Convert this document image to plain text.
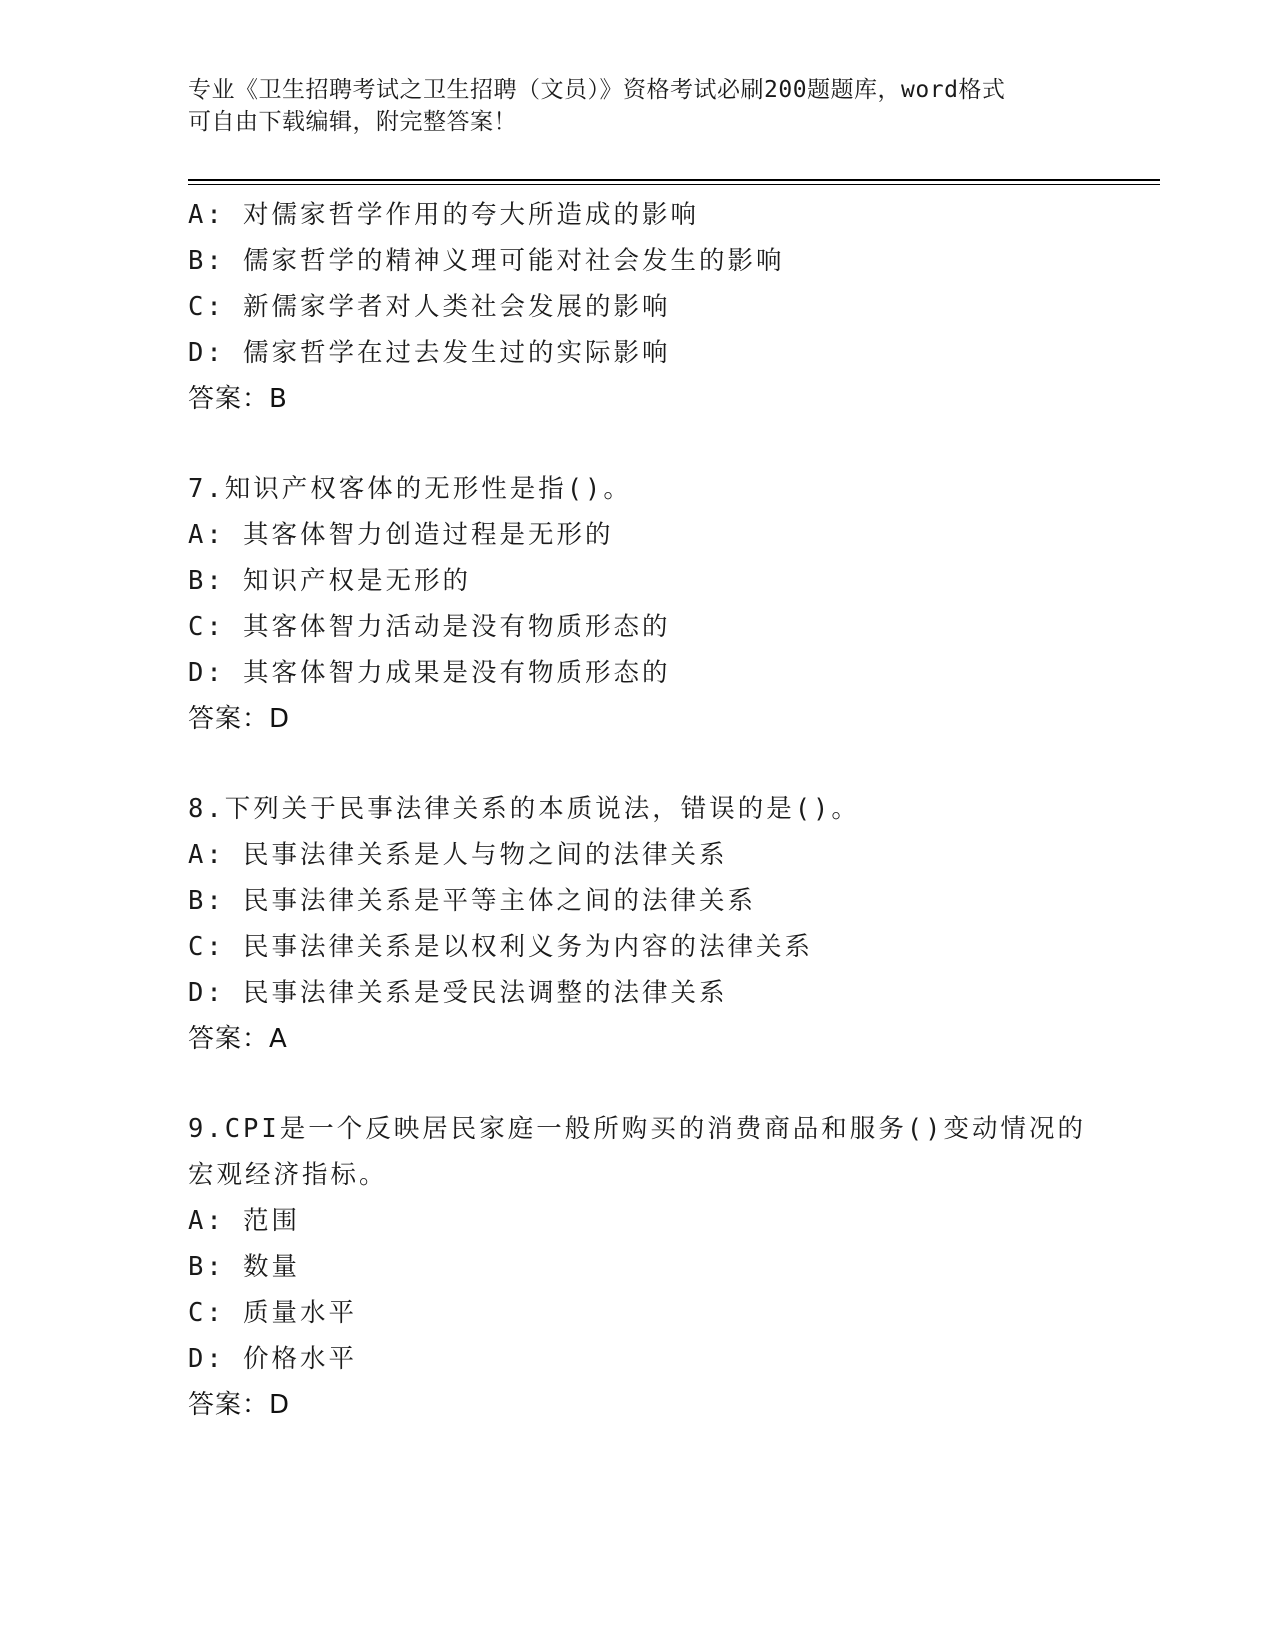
专业《卫生招聘考试之卫生招聘（文员）》资格考试必刷200题题库，word格式
可自由下载编辑，附完整答案！
A: 对儒家哲学作用的夸大所造成的影响
B: 儒家哲学的精神义理可能对社会发生的影响
C: 新儒家学者对人类社会发展的影响
D: 儒家哲学在过去发生过的实际影响
答案：B
7.知识产权客体的无形性是指()。
A: 其客体智力创造过程是无形的
B: 知识产权是无形的
C: 其客体智力活动是没有物质形态的
D: 其客体智力成果是没有物质形态的
答案：D
8.下列关于民事法律关系的本质说法，错误的是()。
A: 民事法律关系是人与物之间的法律关系
B: 民事法律关系是平等主体之间的法律关系
C: 民事法律关系是以权利义务为内容的法律关系
D: 民事法律关系是受民法调整的法律关系
答案：A
9.CPI是一个反映居民家庭一般所购买的消费商品和服务()变动情况的
宏观经济指标。
A: 范围
B: 数量
C: 质量水平
D: 价格水平
答案：D
